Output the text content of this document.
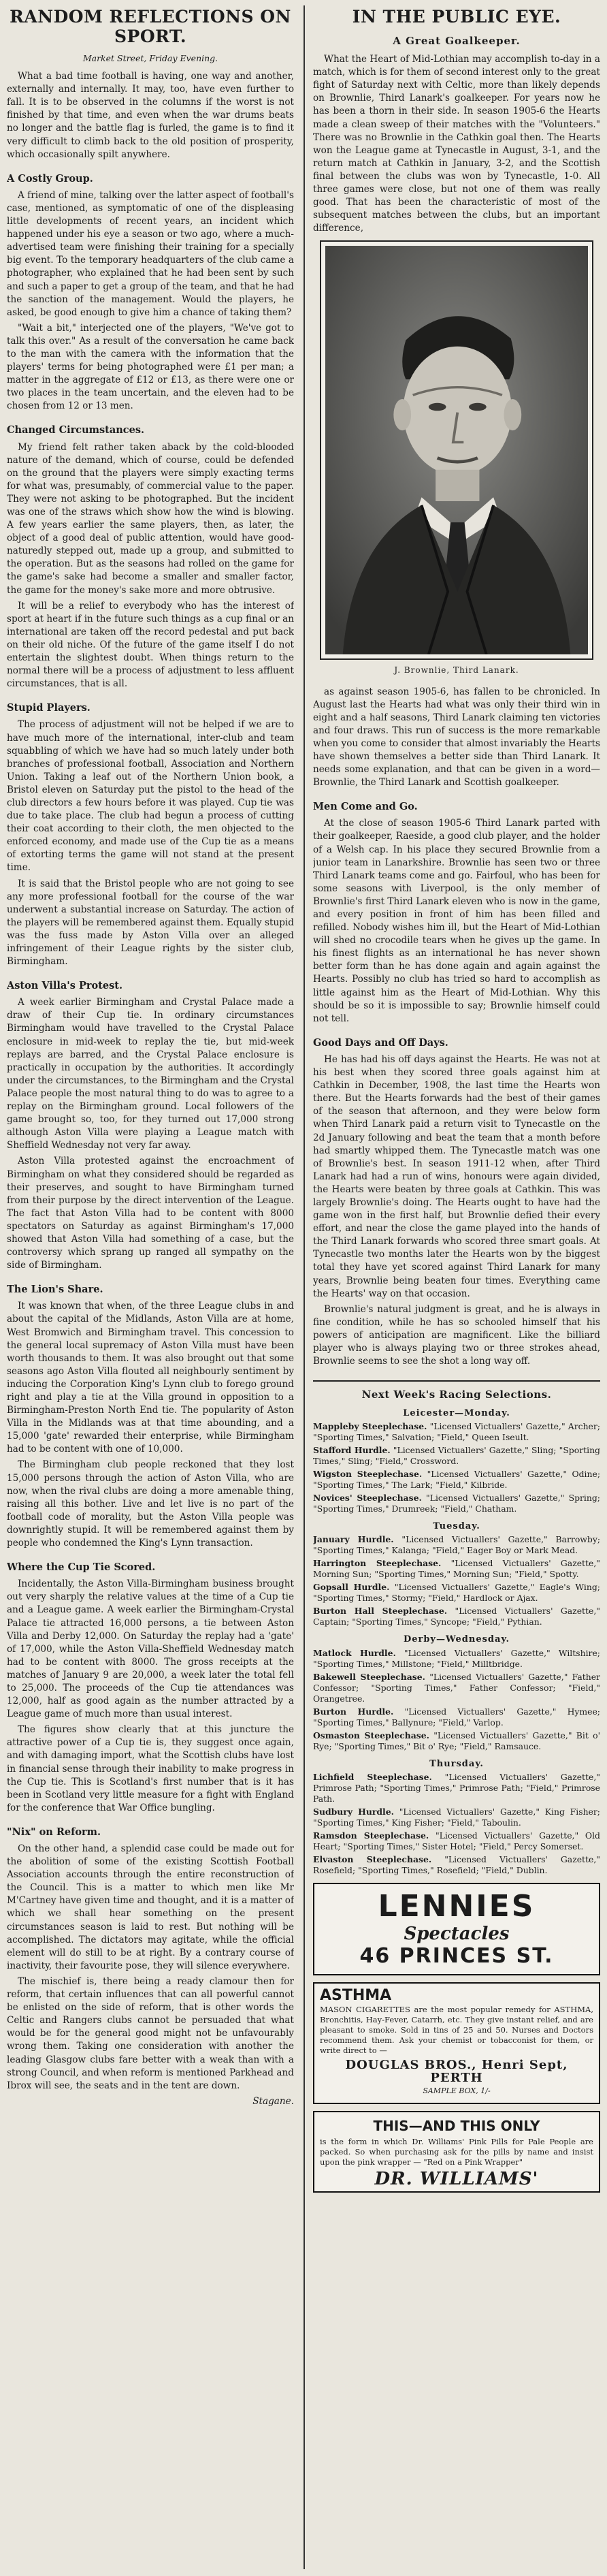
RANDOM REFLECTIONS ON SPORT.
Market Street, Friday Evening.

What a bad time football is having, one way and another, externally and internally. It may, too, have even further to fall. It is to be observed in the columns if the worst is not finished by that time, and even when the war drums beats no longer and the battle flag is furled, the game is to find it very difficult to climb back to the old position of prosperity, which occasionally spilt anywhere.

A Costly Group.

A friend of mine, talking over the latter aspect of football's case, mentioned, as symptomatic of one of the displeasing little developments of recent years, an incident which happened under his eye a season or two ago, where a much-advertised team were finishing their training for a specially big event. To the temporary headquarters of the club came a photographer, who explained that he had been sent by such and such a paper to get a group of the team, and that he had the sanction of the management. Would the players, he asked, be good enough to give him a chance of taking them?

"Wait a bit," interjected one of the players, "We've got to talk this over." As a result of the conversation he came back to the man with the camera with the information that the players' terms for being photographed were £1 per man; a matter in the aggregate of £12 or £13, as there were one or two places in the team uncertain, and the eleven had to be chosen from 12 or 13 men.

Changed Circumstances.

My friend felt rather taken aback by the cold-blooded nature of the demand, which of course, could be defended on the ground that the players were simply exacting terms for what was, presumably, of commercial value to the paper. They were not asking to be photographed. But the incident was one of the straws which show how the wind is blowing. A few years earlier the same players, then, as later, the object of a good deal of public attention, would have good-naturedly stepped out, made up a group, and submitted to the operation. But as the seasons had rolled on the game for the game's sake had become a smaller and smaller factor, the game for the money's sake more and more obtrusive.

It will be a relief to everybody who has the interest of sport at heart if in the future such things as a cup final or an international are taken off the record pedestal and put back on their old niche. Of the future of the game itself I do not entertain the slightest doubt. When things return to the normal there will be a process of adjustment to less affluent circumstances, that is all.

Stupid Players.

The process of adjustment will not be helped if we are to have much more of the international, inter-club and team squabbling of which we have had so much lately under both branches of professional football, Association and Northern Union. Taking a leaf out of the Northern Union book, a Bristol eleven on Saturday put the pistol to the head of the club directors a few hours before it was played. Cup tie was due to take place. The club had begun a process of cutting their coat according to their cloth, the men objected to the enforced economy, and made use of the Cup tie as a means of extorting terms the game will not stand at the present time.

It is said that the Bristol people who are not going to see any more professional football for the course of the war underwent a substantial increase on Saturday. The action of the players will be remembered against them. Equally stupid was the fuss made by Aston Villa over an alleged infringement of their League rights by the sister club, Birmingham.

Aston Villa's Protest.

A week earlier Birmingham and Crystal Palace made a draw of their Cup tie. In ordinary circumstances Birmingham would have travelled to the Crystal Palace enclosure in mid-week to replay the tie, but mid-week replays are barred, and the Crystal Palace enclosure is practically in occupation by the authorities. It accordingly under the circumstances, to the Birmingham and the Crystal Palace people the most natural thing to do was to agree to a replay on the Birmingham ground. Local followers of the game brought so, too, for they turned out 17,000 strong although Aston Villa were playing a League match with Sheffield Wednesday not very far away.

Aston Villa protested against the encroachment of Birmingham on what they considered should be regarded as their preserves, and sought to have Birmingham turned from their purpose by the direct intervention of the League. The fact that Aston Villa had to be content with 8000 spectators on Saturday as against Birmingham's 17,000 showed that Aston Villa had something of a case, but the controversy which sprang up ranged all sympathy on the side of Birmingham.

The Lion's Share.

It was known that when, of the three League clubs in and about the capital of the Midlands, Aston Villa are at home, West Bromwich and Birmingham travel. This concession to the general local supremacy of Aston Villa must have been worth thousands to them. It was also brought out that some seasons ago Aston Villa flouted all neighbourly sentiment by inducing the Corporation King's Lynn club to forego ground right and play a tie at the Villa ground in opposition to a Birmingham-Preston North End tie. The popularity of Aston Villa in the Midlands was at that time abounding, and a 15,000 'gate' rewarded their enterprise, while Birmingham had to be content with one of 10,000.

The Birmingham club people reckoned that they lost 15,000 persons through the action of Aston Villa, who are now, when the rival clubs are doing a more amenable thing, raising all this bother. Live and let live is no part of the football code of morality, but the Aston Villa people was downrightly stupid. It will be remembered against them by people who condemned the King's Lynn transaction.

Where the Cup Tie Scored.

Incidentally, the Aston Villa-Birmingham business brought out very sharply the relative values at the time of a Cup tie and a League game. A week earlier the Birmingham-Crystal Palace tie attracted 16,000 persons, a tie between Aston Villa and Derby 12,000. On Saturday the replay had a 'gate' of 17,000, while the Aston Villa-Sheffield Wednesday match had to be content with 8000. The gross receipts at the matches of January 9 are 20,000, a week later the total fell to 25,000. The proceeds of the Cup tie attendances was 12,000, half as good again as the number attracted by a League game of much more than usual interest.

The figures show clearly that at this juncture the attractive power of a Cup tie is, they suggest once again, and with damaging import, what the Scottish clubs have lost in financial sense through their inability to make progress in the Cup tie. This is Scotland's first number that is it has been in Scotland very little measure for a fight with England for the conference that War Office bungling.

"Nix" on Reform.

On the other hand, a splendid case could be made out for the abolition of some of the existing Scottish Football Association accounts through the entire reconstruction of the Council. This is a matter to which men like Mr M'Cartney have given time and thought, and it is a matter of which we shall hear something on the present circumstances season is laid to rest. But nothing will be accomplished. The dictators may agitate, while the official element will do still to be at right. By a contrary course of inactivity, their favourite pose, they will silence everywhere.

The mischief is, there being a ready clamour then for reform, that certain influences that can all powerful cannot be enlisted on the side of reform, that is other words the Celtic and Rangers clubs cannot be persuaded that what would be for the general good might not be unfavourably wrong them. Taking one consideration with another the leading Glasgow clubs fare better with a weak than with a strong Council, and when reform is mentioned Parkhead and Ibrox will see, the seats and in the tent are down.

Stagane.
IN THE PUBLIC EYE.
A Great Goalkeeper.

What the Heart of Mid-Lothian may accomplish to-day in a match, which is for them of second interest only to the great fight of Saturday next with Celtic, more than likely depends on Brownlie, Third Lanark's goalkeeper. For years now he has been a thorn in their side. In season 1905-6 the Hearts made a clean sweep of their matches with the "Volunteers." There was no Brownlie in the Cathkin goal then. The Hearts won the League game at Tynecastle in August, 3-1, and the return match at Cathkin in January, 3-2, and the Scottish final between the clubs was won by Tynecastle, 1-0. All three games were close, but not one of them was really good. That has been the characteristic of most of the subsequent matches between the clubs, but an important difference,

J. Brownlie, Third Lanark.

as against season 1905-6, has fallen to be chronicled. In August last the Hearts had what was only their third win in eight and a half seasons, Third Lanark claiming ten victories and four draws. This run of success is the more remarkable when you come to consider that almost invariably the Hearts have shown themselves a better side than Third Lanark. It needs some explanation, and that can be given in a word—Brownlie, the Third Lanark and Scottish goalkeeper.

Men Come and Go.

At the close of season 1905-6 Third Lanark parted with their goalkeeper, Raeside, a good club player, and the holder of a Welsh cap. In his place they secured Brownlie from a junior team in Lanarkshire. Brownlie has seen two or three Third Lanark teams come and go. Fairfoul, who has been for some seasons with Liverpool, is the only member of Brownlie's first Third Lanark eleven who is now in the game, and every position in front of him has been filled and refilled. Nobody wishes him ill, but the Heart of Mid-Lothian will shed no crocodile tears when he gives up the game. In his finest flights as an international he has never shown better form than he has done again and again against the Hearts. Possibly no club has tried so hard to accomplish as little against him as the Heart of Mid-Lothian. Why this should be so it is impossible to say; Brownlie himself could not tell.

Good Days and Off Days.

He has had his off days against the Hearts. He was not at his best when they scored three goals against him at Cathkin in December, 1908, the last time the Hearts won there. But the Hearts forwards had the best of their games of the season that afternoon, and they were below form when Third Lanark paid a return visit to Tynecastle on the 2d January following and beat the team that a month before had smartly whipped them. The Tynecastle match was one of Brownlie's best. In season 1911-12 when, after Third Lanark had had a run of wins, honours were again divided, the Hearts were beaten by three goals at Cathkin. This was largely Brownlie's doing. The Hearts ought to have had the game won in the first half, but Brownlie defied their every effort, and near the close the game played into the hands of the Third Lanark forwards who scored three smart goals. At Tynecastle two months later the Hearts won by the biggest total they have yet scored against Third Lanark for many years, Brownlie being beaten four times. Everything came the Hearts' way on that occasion.

Brownlie's natural judgment is great, and he is always in fine condition, while he has so schooled himself that his powers of anticipation are magnificent. Like the billiard player who is always playing two or three strokes ahead, Brownlie seems to see the shot a long way off.

Next Week's Racing Selections.
Leicester—Monday.

Mappleby Steeplechase. "Licensed Victuallers' Gazette," Archer; "Sporting Times," Salvation; "Field," Queen Iseult.

Stafford Hurdle. "Licensed Victuallers' Gazette," Sling; "Sporting Times," Sling; "Field," Crossword.

Wigston Steeplechase. "Licensed Victuallers' Gazette," Odine; "Sporting Times," The Lark; "Field," Kilbride.

Novices' Steeplechase. "Licensed Victuallers' Gazette," Spring; "Sporting Times," Drumreek; "Field," Chatham.

Tuesday.

January Hurdle. "Licensed Victuallers' Gazette," Barrowby; "Sporting Times," Kalanga; "Field," Eager Boy or Mark Mead.

Harrington Steeplechase. "Licensed Victuallers' Gazette," Morning Sun; "Sporting Times," Morning Sun; "Field," Spotty.

Gopsall Hurdle. "Licensed Victuallers' Gazette," Eagle's Wing; "Sporting Times," Stormy; "Field," Hardlock or Ajax.

Burton Hall Steeplechase. "Licensed Victuallers' Gazette," Captain; "Sporting Times," Syncope; "Field," Pythian.

Derby—Wednesday.

Matlock Hurdle. "Licensed Victuallers' Gazette," Wiltshire; "Sporting Times," Millstone; "Field," Milltbridge.

Bakewell Steeplechase. "Licensed Victuallers' Gazette," Father Confessor; "Sporting Times," Father Confessor; "Field," Orangetree.

Burton Hurdle. "Licensed Victuallers' Gazette," Hymee; "Sporting Times," Ballynure; "Field," Varlop.

Osmaston Steeplechase. "Licensed Victuallers' Gazette," Bit o' Rye; "Sporting Times," Bit o' Rye; "Field," Ramsauce.

Thursday.

Lichfield Steeplechase. "Licensed Victuallers' Gazette," Primrose Path; "Sporting Times," Primrose Path; "Field," Primrose Path.

Sudbury Hurdle. "Licensed Victuallers' Gazette," King Fisher; "Sporting Times," King Fisher; "Field," Taboulin.

Ramsdon Steeplechase. "Licensed Victuallers' Gazette," Old Heart; "Sporting Times," Sister Hotel; "Field," Percy Somerset.

Elvaston Steeplechase. "Licensed Victuallers' Gazette," Rosefield; "Sporting Times," Rosefield; "Field," Dublin.

LENNIES
Spectacles
46 PRINCES ST.
ASTHMA
MASON CIGARETTES are the most popular remedy for ASTHMA, Bronchitis, Hay-Fever, Catarrh, etc. They give instant relief, and are pleasant to smoke. Sold in tins of 25 and 50. Nurses and Doctors recommend them. Ask your chemist or tobacconist for them, or write direct to —
DOUGLAS BROS., Henri Sept, PERTH
SAMPLE BOX, 1/-
THIS—AND THIS ONLY
is the form in which Dr. Williams' Pink Pills for Pale People are packed. So when purchasing ask for the pills by name and insist upon the pink wrapper — "Red on a Pink Wrapper"
DR. WILLIAMS'
